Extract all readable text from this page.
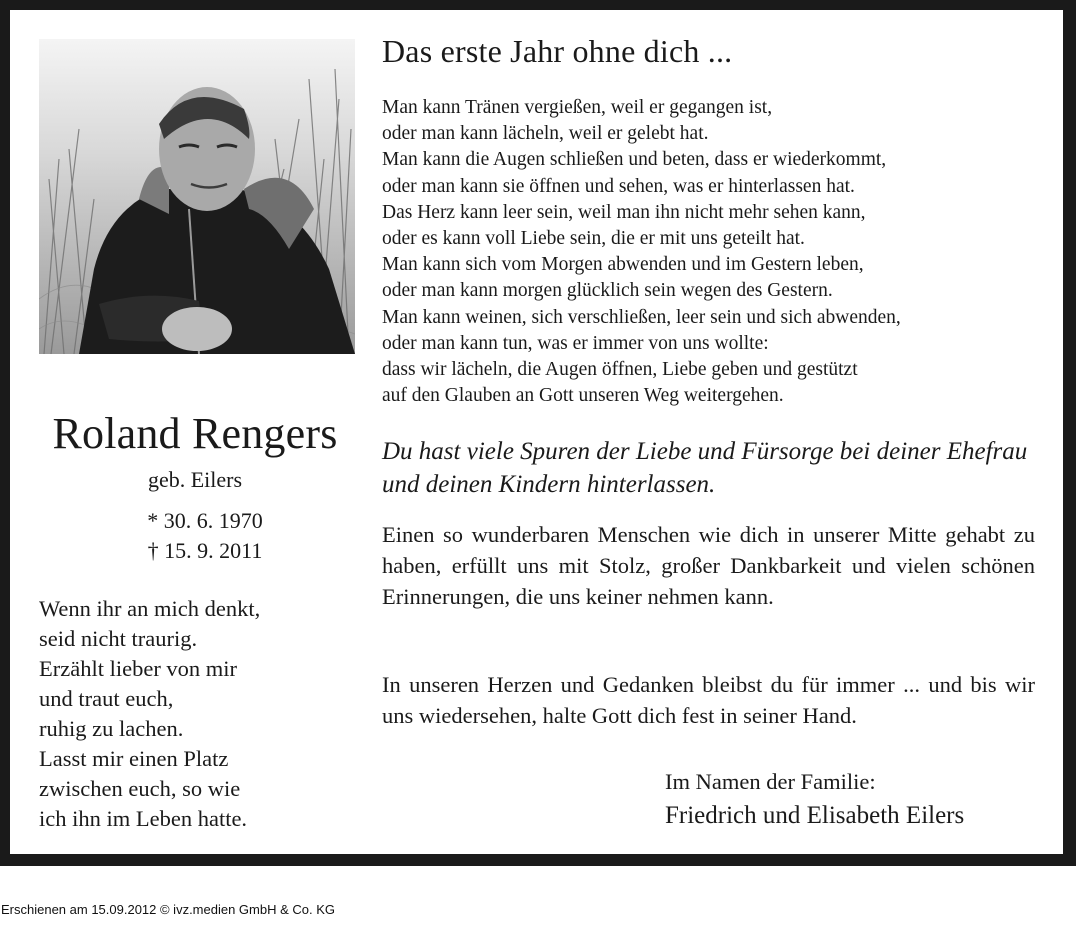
Roland Rengers
geb. Eilers
* 30. 6. 1970
† 15. 9. 2011
Wenn ihr an mich denkt,
seid nicht traurig.
Erzählt lieber von mir
und traut euch,
ruhig zu lachen.
Lasst mir einen Platz
zwischen euch, so wie
ich ihn im Leben hatte.
Das erste Jahr ohne dich ...
Man kann Tränen vergießen, weil er gegangen ist,
oder man kann lächeln, weil er gelebt hat.
Man kann die Augen schließen und beten, dass er wiederkommt,
oder man kann sie öffnen und sehen, was er hinterlassen hat.
Das Herz kann leer sein, weil man ihn nicht mehr sehen kann,
oder es kann voll Liebe sein, die er mit uns geteilt hat.
Man kann sich vom Morgen abwenden und im Gestern leben,
oder man kann morgen glücklich sein wegen des Gestern.
Man kann weinen, sich verschließen, leer sein und sich abwenden,
oder man kann tun, was er immer von uns wollte:
dass wir lächeln, die Augen öffnen, Liebe geben und gestützt
auf den Glauben an Gott unseren Weg weitergehen.
Du hast viele Spuren der Liebe und Fürsorge bei deiner Ehefrau und deinen Kindern hinterlassen.

Einen so wunderbaren Menschen wie dich in unserer Mitte gehabt zu haben, erfüllt uns mit Stolz, großer Dankbarkeit und vielen schönen Erinnerungen, die uns keiner nehmen kann.

In unseren Herzen und Gedanken bleibst du für immer ... und bis wir uns wiedersehen, halte Gott dich fest in seiner Hand.

Im Namen der Familie:
Friedrich und Elisabeth Eilers
Erschienen am 15.09.2012 © ivz.medien GmbH & Co. KG
